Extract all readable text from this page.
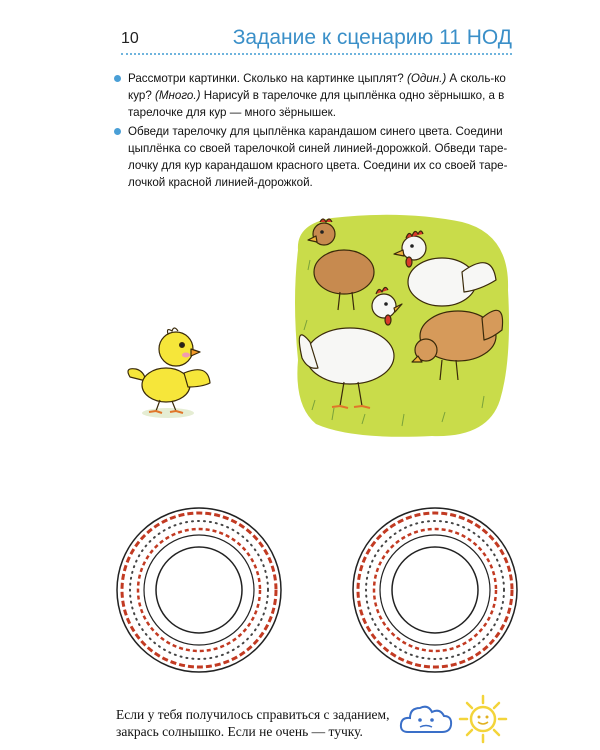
10	Задание к сценарию 11 НОД
Рассмотри картинки. Сколько на картинке цыплят? (Один.) А сколь-ко кур? (Много.) Нарисуй в тарелочке для цыплёнка одно зёрнышко, а в тарелочке для кур — много зёрнышек.
Обведи тарелочку для цыплёнка карандашом синего цвета. Соедини цыплёнка со своей тарелочкой синей линией-дорожкой. Обведи таре-лочку для кур карандашом красного цвета. Соедини их со своей таре-лочкой красной линией-дорожкой.
Если у тебя получилось справиться с заданием,
закрась солнышко. Если не очень — тучку.
